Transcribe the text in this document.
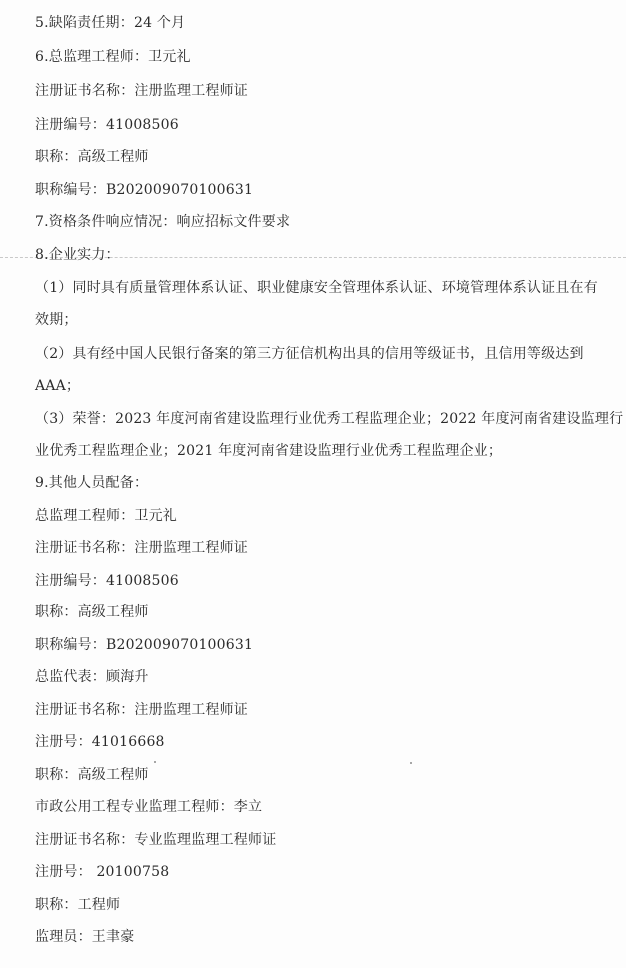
5.缺陷责任期：24 个月
6.总监理工程师：卫元礼
注册证书名称：注册监理工程师证
注册编号：41008506
职称：高级工程师
职称编号：B202009070100631
7.资格条件响应情况：响应招标文件要求
8.企业实力：
（1）同时具有质量管理体系认证、职业健康安全管理体系认证、环境管理体系认证且在有
效期；
（2）具有经中国人民银行备案的第三方征信机构出具的信用等级证书，且信用等级达到
AAA；
（3）荣誉：2023 年度河南省建设监理行业优秀工程监理企业；2022 年度河南省建设监理行
业优秀工程监理企业；2021 年度河南省建设监理行业优秀工程监理企业；
9.其他人员配备：
总监理工程师：卫元礼
注册证书名称：注册监理工程师证
注册编号：41008506
职称：高级工程师
职称编号：B202009070100631
总监代表：顾海升
注册证书名称：注册监理工程师证
注册号：41016668
职称：高级工程师
市政公用工程专业监理工程师：李立
注册证书名称：专业监理监理工程师证
注册号： 20100758
职称：工程师
监理员：王聿豪
